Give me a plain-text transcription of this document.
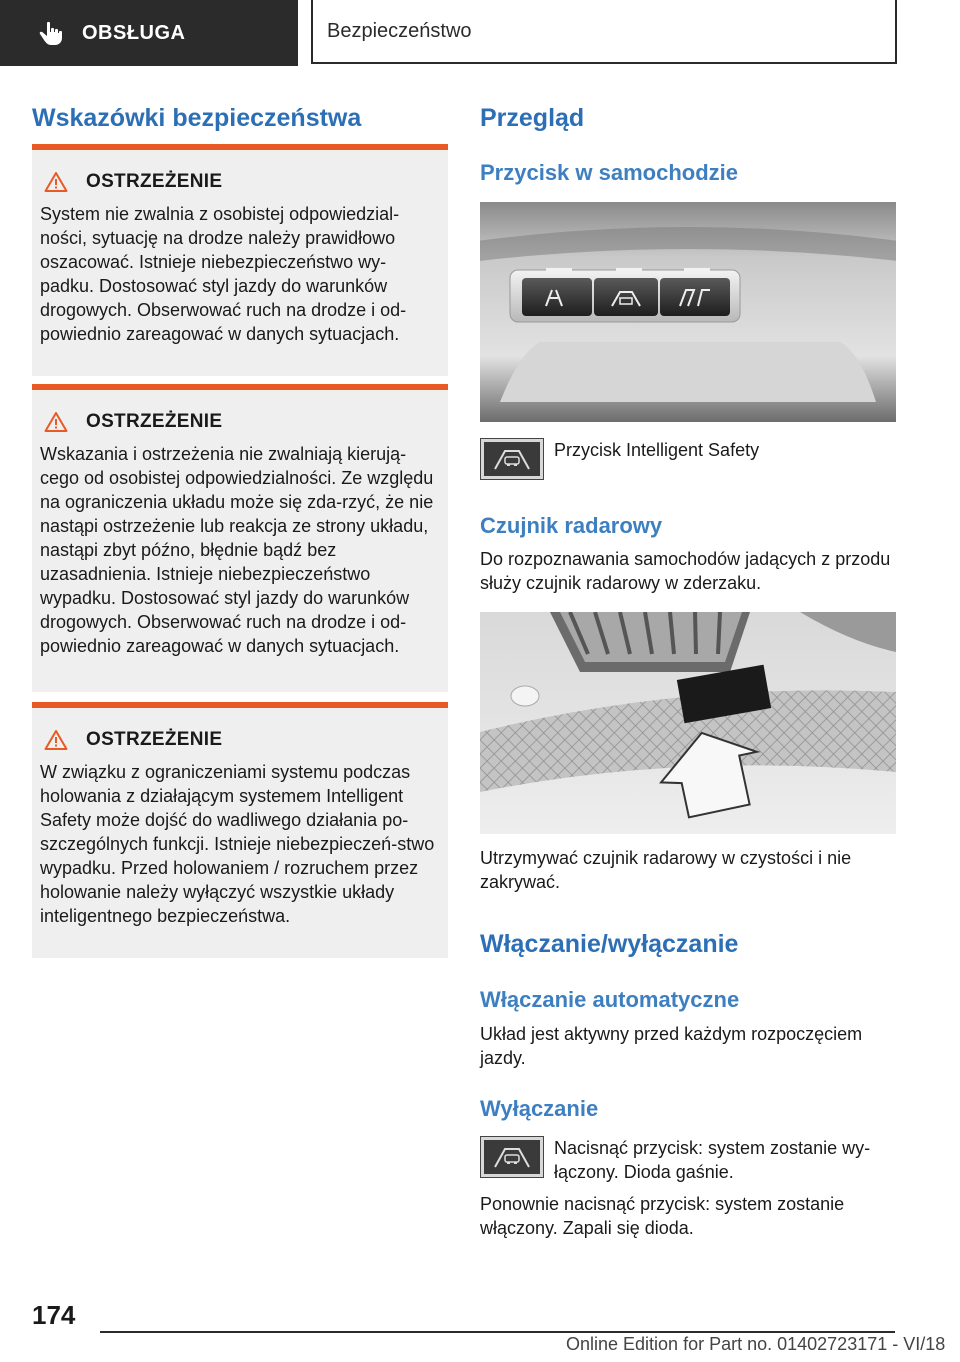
OBSŁUGA	Bezpieczeństwo
Wskazówki bezpieczeństwa
OSTRZEŻENIE

System nie zwalnia z osobistej odpowiedzial-ności, sytuację na drodze należy prawidłowo oszacować. Istnieje niebezpieczeństwo wy-padku. Dostosować styl jazdy do warunków drogowych. Obserwować ruch na drodze i od-powiednio zareagować w danych sytuacjach.

OSTRZEŻENIE

Wskazania i ostrzeżenia nie zwalniają kierują-cego od osobistej odpowiedzialności. Ze względu na ograniczenia układu może się zda-rzyć, że nie nastąpi ostrzeżenie lub reakcja ze strony układu, nastąpi zbyt późno, błędnie bądź bez uzasadnienia. Istnieje niebezpieczeństwo wypadku. Dostosować styl jazdy do warunków drogowych. Obserwować ruch na drodze i od-powiednio zareagować w danych sytuacjach.

OSTRZEŻENIE

W związku z ograniczeniami systemu podczas holowania z działającym systemem Intelligent Safety może dojść do wadliwego działania po-szczególnych funkcji. Istnieje niebezpieczeń-stwo wypadku. Przed holowaniem / rozruchem przez holowanie należy wyłączyć wszystkie układy inteligentnego bezpieczeństwa.

Przegląd
Przycisk w samochodzie
Przycisk Intelligent Safety
Czujnik radarowy

Do rozpoznawania samochodów jadących z przodu służy czujnik radarowy w zderzaku.

Utrzymywać czujnik radarowy w czystości i nie zakrywać.

Włączanie/wyłączanie
Włączanie automatyczne

Układ jest aktywny przed każdym rozpoczęciem jazdy.

Wyłączanie
Nacisnąć przycisk: system zostanie wy-łączony. Dioda gaśnie.

Ponownie nacisnąć przycisk: system zostanie włączony. Zapali się dioda.

174
Online Edition for Part no. 01402723171 - VI/18
